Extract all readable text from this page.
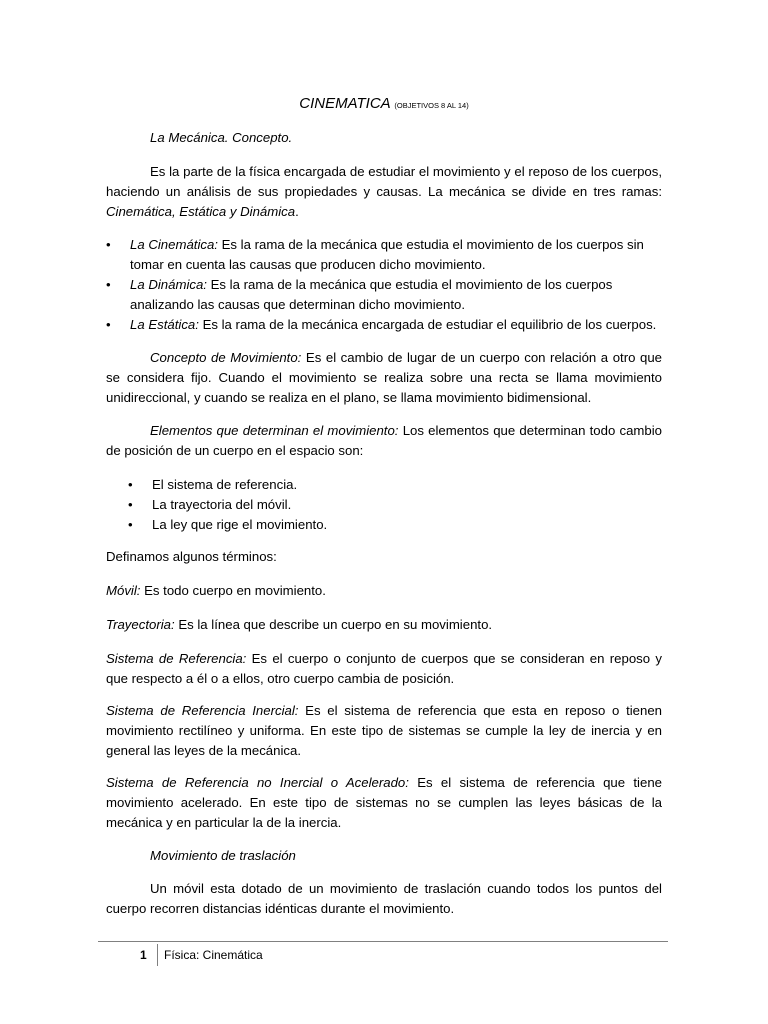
CINEMATICA (OBJETIVOS 8 AL 14)

La Mecánica. Concepto.

Es la parte de la física encargada de estudiar el movimiento y el reposo de los cuerpos, haciendo un análisis de sus propiedades y causas. La mecánica se divide en tres ramas: Cinemática, Estática y Dinámica.

• La Cinemática: Es la rama de la mecánica que estudia el movimiento de los cuerpos sin tomar en cuenta las causas que producen dicho movimiento.
• La Dinámica: Es la rama de la mecánica que estudia el movimiento de los cuerpos analizando las causas que determinan dicho movimiento.
• La Estática: Es la rama de la mecánica encargada de estudiar el equilibrio de los cuerpos.

Concepto de Movimiento: Es el cambio de lugar de un cuerpo con relación a otro que se considera fijo. Cuando el movimiento se realiza sobre una recta se llama movimiento unidireccional, y cuando se realiza en el plano, se llama movimiento bidimensional.

Elementos que determinan el movimiento: Los elementos que determinan todo cambio de posición de un cuerpo en el espacio son:

• El sistema de referencia.
• La trayectoria del móvil.
• La ley que rige el movimiento.

Definamos algunos términos:

Móvil: Es todo cuerpo en movimiento.

Trayectoria: Es la línea que describe un cuerpo en su movimiento.

Sistema de Referencia: Es el cuerpo o conjunto de cuerpos que se consideran en reposo y que respecto a él o a ellos, otro cuerpo cambia de posición.

Sistema de Referencia Inercial: Es el sistema de referencia que esta en reposo o tienen movimiento rectilíneo y uniforma. En este tipo de sistemas se cumple la ley de inercia y en general las leyes de la mecánica.

Sistema de Referencia no Inercial o Acelerado: Es el sistema de referencia que tiene movimiento acelerado. En este tipo de sistemas no se cumplen las leyes básicas de la mecánica y en particular la de la inercia.

Movimiento de traslación

Un móvil esta dotado de un movimiento de traslación cuando todos los puntos del cuerpo recorren distancias idénticas durante el movimiento.

1 Física: Cinemática
